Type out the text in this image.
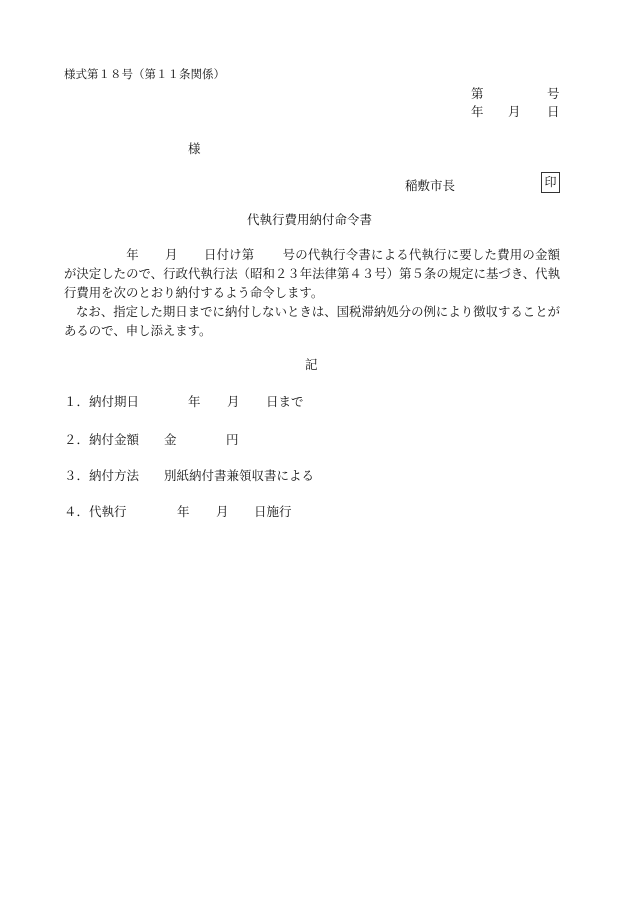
様式第１８号（第１１条関係）
第	号
年 月 日
様
稲敷市長	印
代執行費用納付命令書

年 月 日付け第 号の代執行令書による代執行に要した費用の金額が決定したので、行政代執行法（昭和２３年法律第４３号）第５条の規定に基づき、代執行費用を次のとおり納付するよう命令します。

なお、指定した期日までに納付しないときは、国税滞納処分の例により徴収することがあるので、申し添えます。

記
１．納付期日	年 月 日まで
２．納付金額 金	円
３．納付方法 別紙納付書兼領収書による
４．代執行	年 月 日施行
